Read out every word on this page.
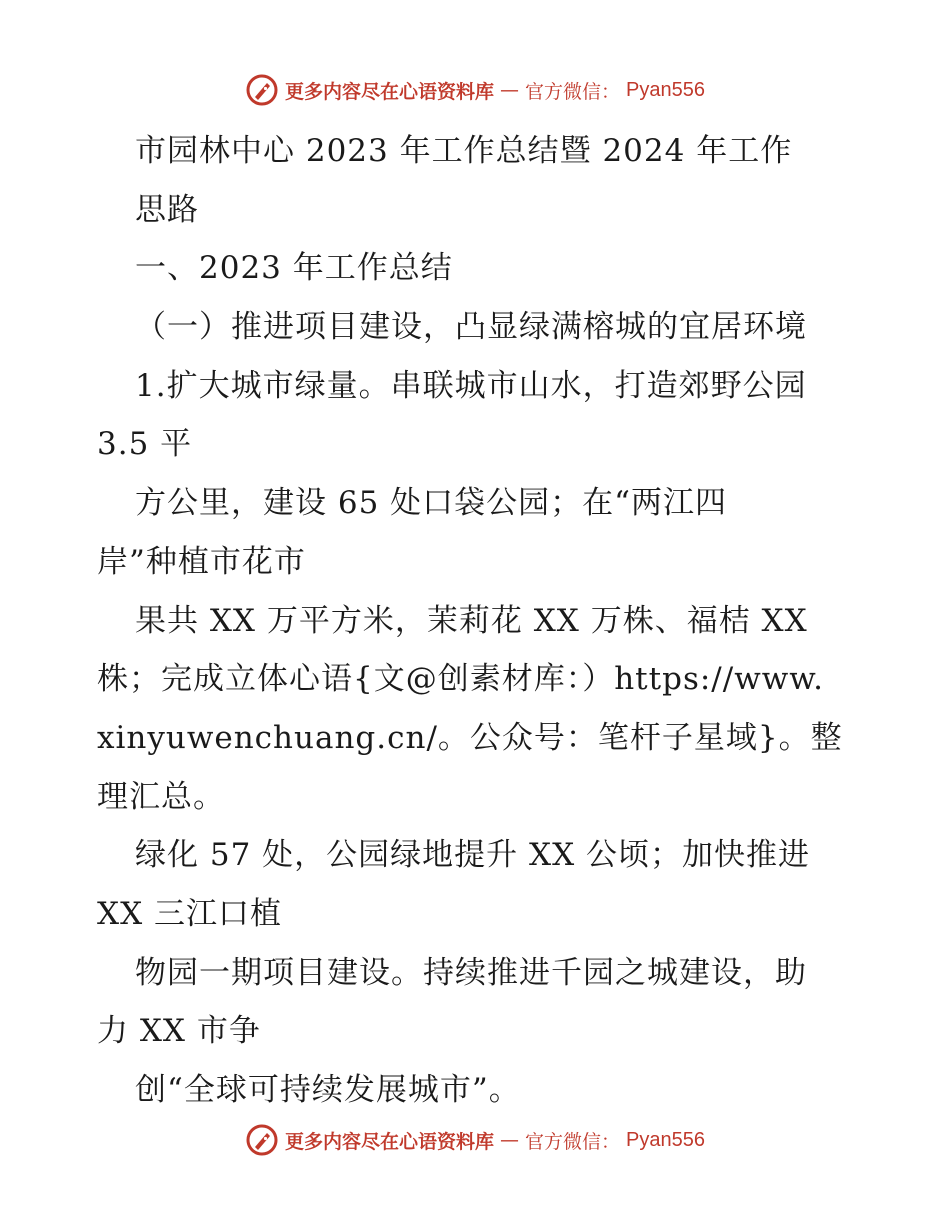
更多内容尽在心语资料库 — 官方微信： Pyan556
市园林中心 2023 年工作总结暨 2024 年工作
思路
一、2023 年工作总结
（一）推进项目建设，凸显绿满榕城的宜居环境
1.扩大城市绿量。串联城市山水，打造郊野公园
3.5 平
方公里，建设 65 处口袋公园；在“两江四
岸”种植市花市
果共 XX 万平方米，茉莉花 XX 万株、福桔 XX
株；完成立体心语{文@创素材库：）https://www.
xinyuwenchuang.cn/。公众号：笔杆子星域}。整
理汇总。
绿化 57 处，公园绿地提升 XX 公顷；加快推进
XX 三江口植
物园一期项目建设。持续推进千园之城建设，助
力 XX 市争
创“全球可持续发展城市”。
更多内容尽在心语资料库 — 官方微信： Pyan556
